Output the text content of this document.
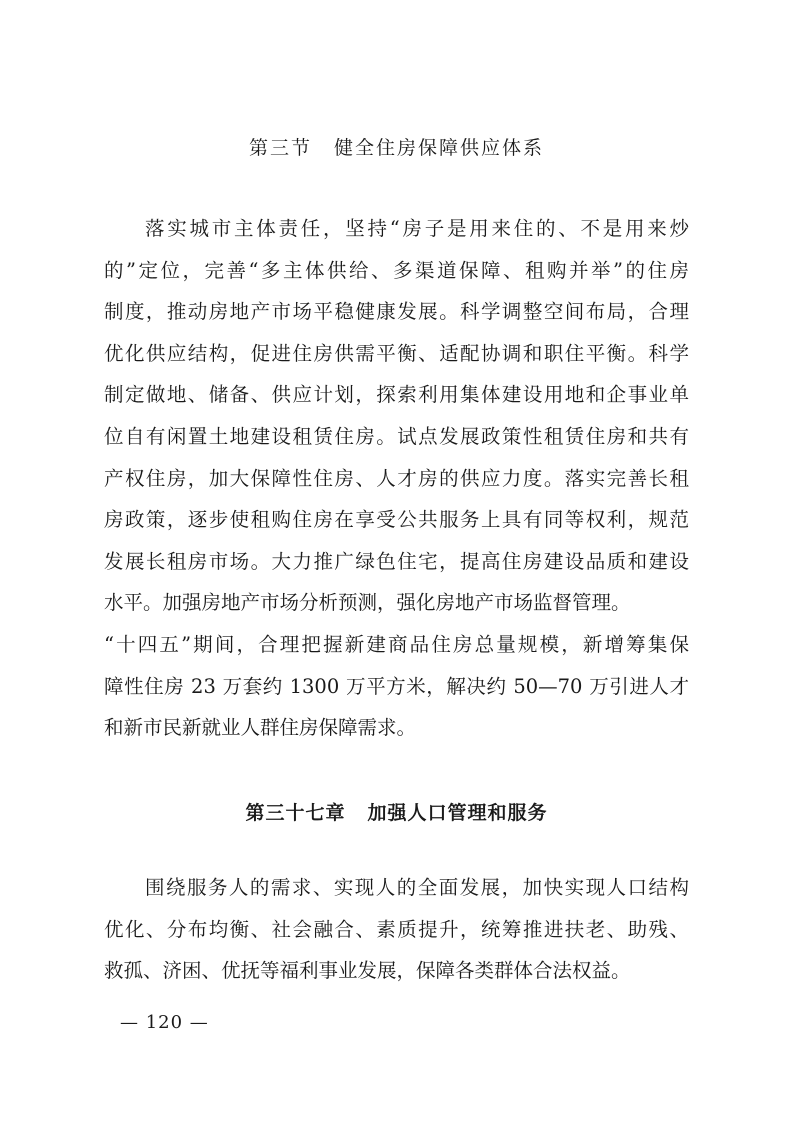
第三节 健全住房保障供应体系
落实城市主体责任，坚持“房子是用来住的、不是用来炒
的”定位，完善“多主体供给、多渠道保障、租购并举”的住房
制度，推动房地产市场平稳健康发展。科学调整空间布局，合理
优化供应结构，促进住房供需平衡、适配协调和职住平衡。科学
制定做地、储备、供应计划，探索利用集体建设用地和企事业单
位自有闲置土地建设租赁住房。试点发展政策性租赁住房和共有
产权住房，加大保障性住房、人才房的供应力度。落实完善长租
房政策，逐步使租购住房在享受公共服务上具有同等权利，规范
发展长租房市场。大力推广绿色住宅，提高住房建设品质和建设
水平。加强房地产市场分析预测，强化房地产市场监督管理。
“十四五”期间，合理把握新建商品住房总量规模，新增筹集保
障性住房 23 万套约 1300 万平方米，解决约 50—70 万引进人才
和新市民新就业人群住房保障需求。
第三十七章 加强人口管理和服务
围绕服务人的需求、实现人的全面发展，加快实现人口结构
优化、分布均衡、社会融合、素质提升，统筹推进扶老、助残、
救孤、济困、优抚等福利事业发展，保障各类群体合法权益。
— 120 —
